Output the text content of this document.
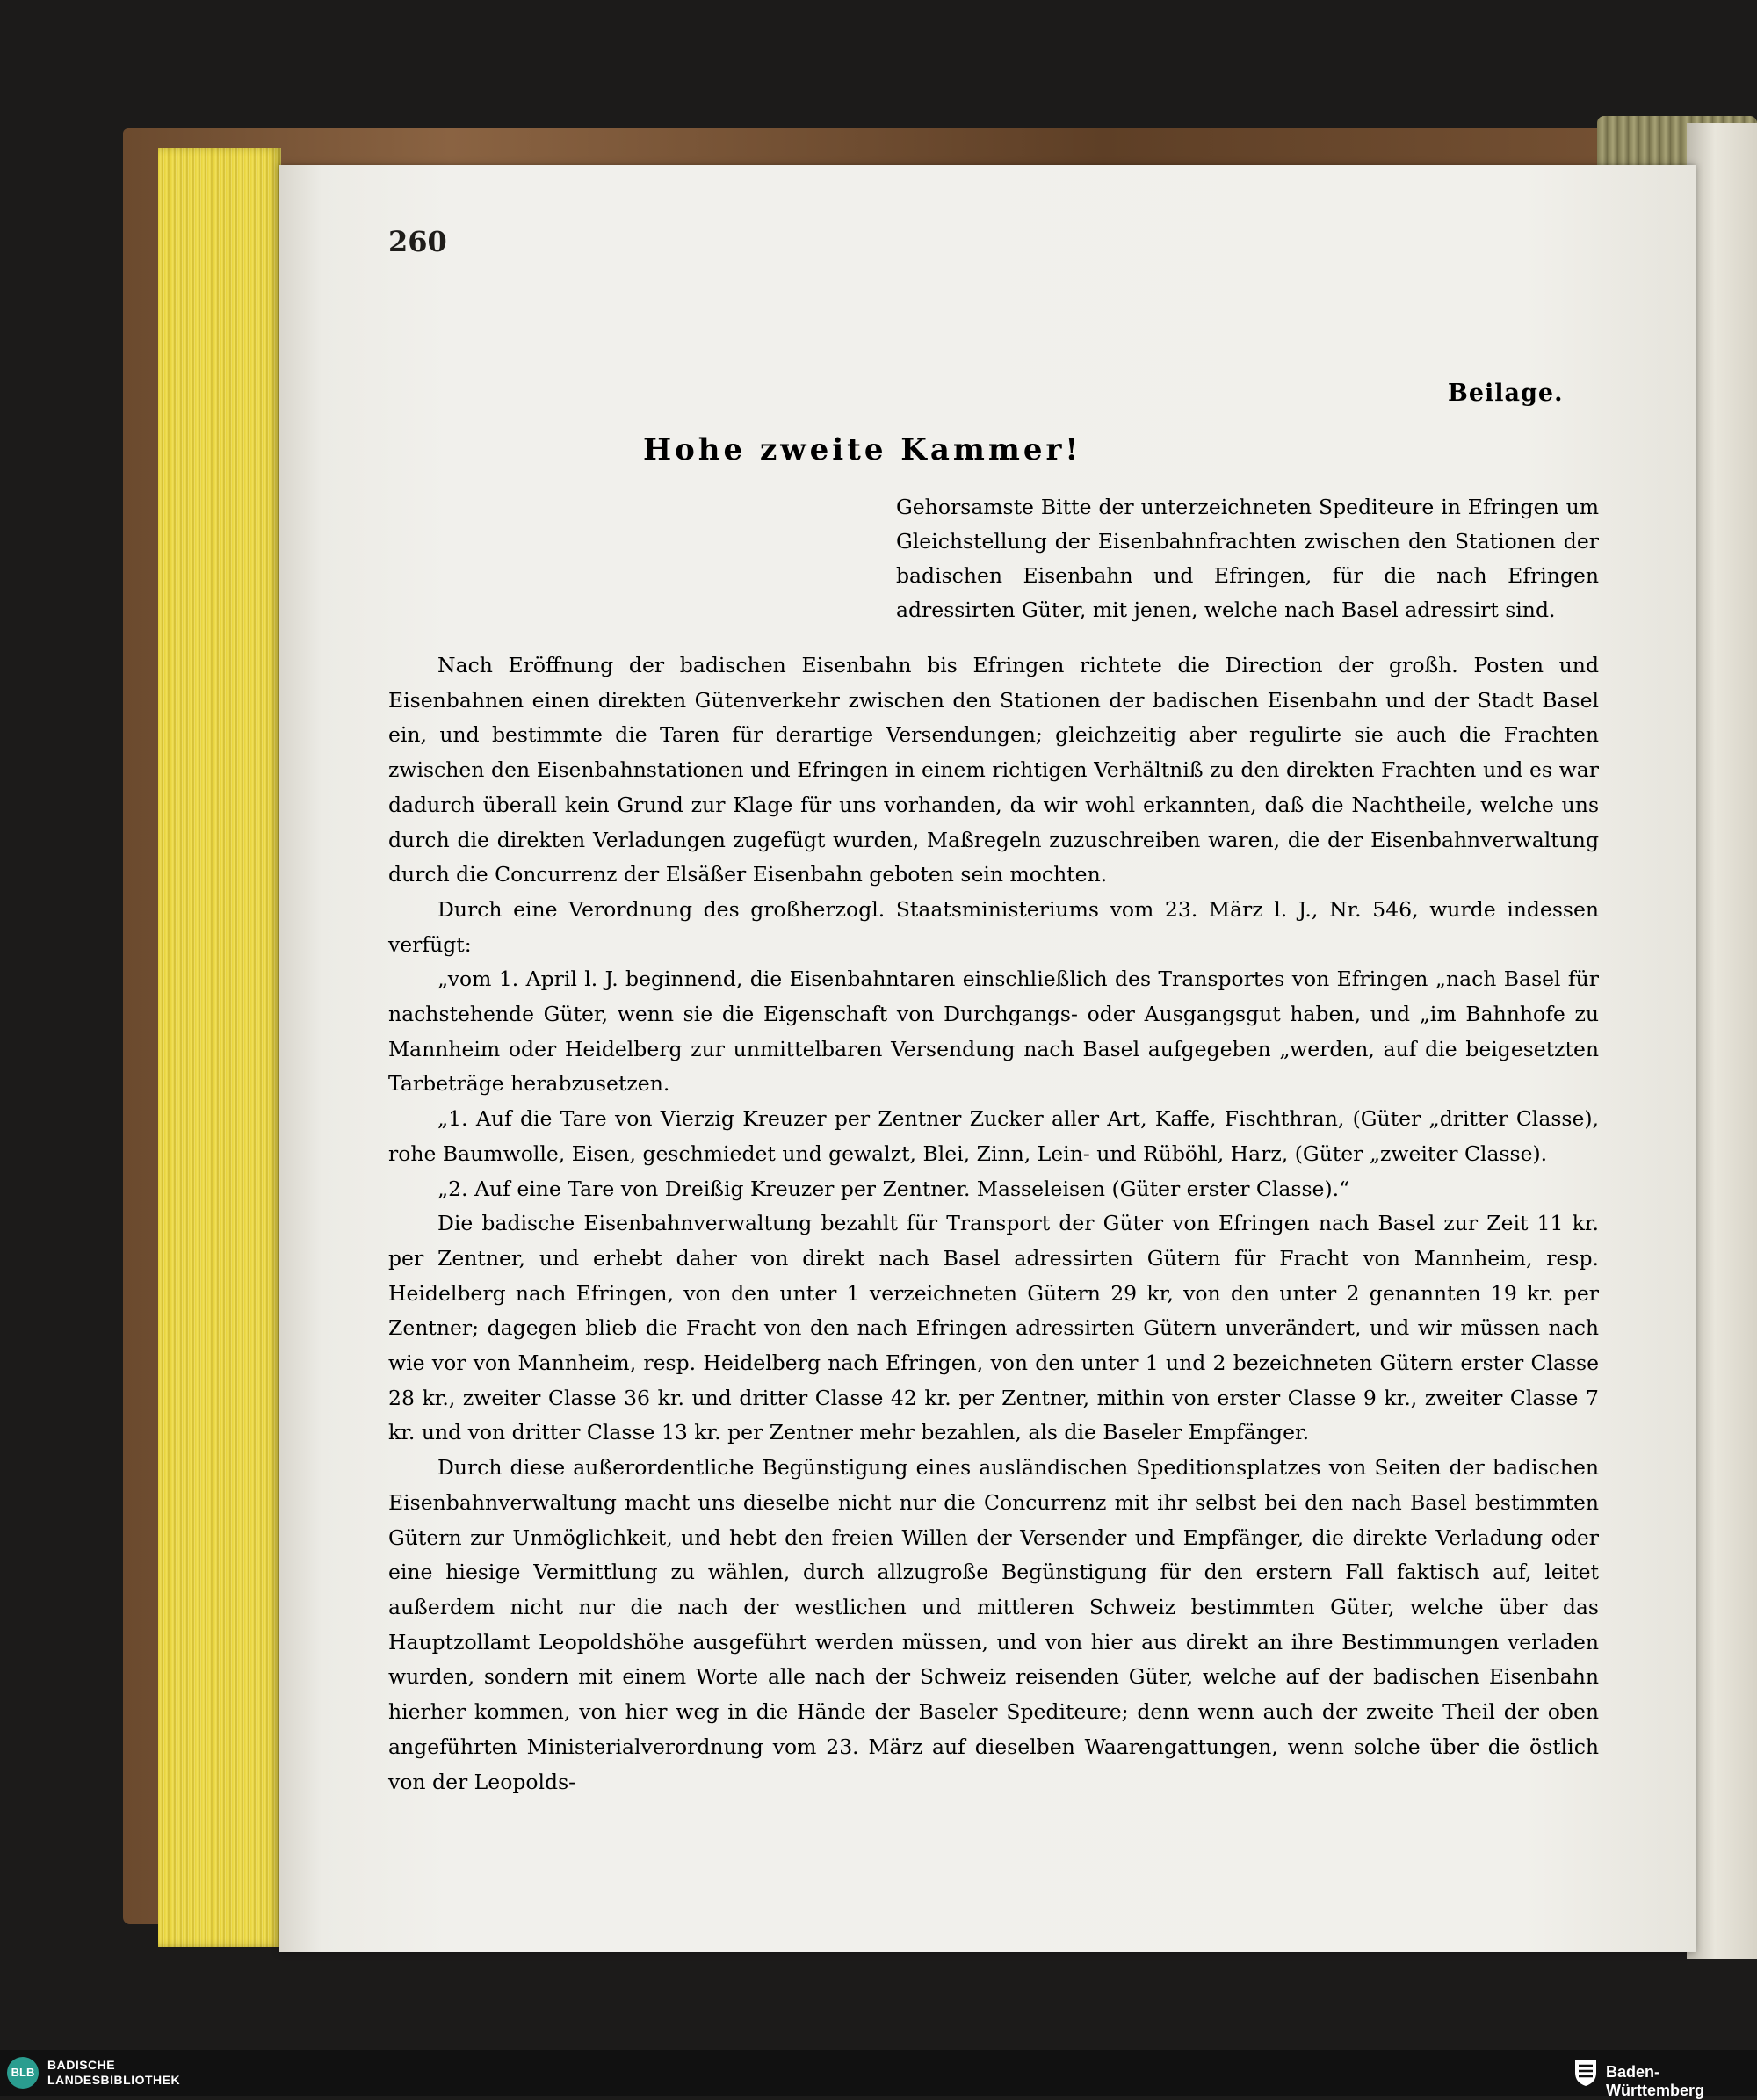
260
Beilage.
Hohe zweite Kammer!
Gehorsamste Bitte der unterzeichneten Spediteure in Efringen um Gleichstellung der Eisenbahnfrachten zwischen den Stationen der badischen Eisenbahn und Efringen, für die nach Efringen adressirten Güter, mit jenen, welche nach Basel adressirt sind.

Nach Eröffnung der badischen Eisenbahn bis Efringen richtete die Direction der großh. Posten und Eisenbahnen einen direkten Gütenverkehr zwischen den Stationen der badischen Eisenbahn und der Stadt Basel ein, und bestimmte die Taren für derartige Versendungen; gleichzeitig aber regulirte sie auch die Frachten zwischen den Eisenbahnstationen und Efringen in einem richtigen Verhältniß zu den direkten Frachten und es war dadurch überall kein Grund zur Klage für uns vorhanden, da wir wohl erkannten, daß die Nachtheile, welche uns durch die direkten Verladungen zugefügt wurden, Maßregeln zuzuschreiben waren, die der Eisenbahnverwaltung durch die Concurrenz der Elsäßer Eisenbahn geboten sein mochten.

Durch eine Verordnung des großherzogl. Staatsministeriums vom 23. März l. J., Nr. 546, wurde indessen verfügt:

„vom 1. April l. J. beginnend, die Eisenbahntaren einschließlich des Transportes von Efringen „nach Basel für nachstehende Güter, wenn sie die Eigenschaft von Durchgangs- oder Ausgangsgut haben, und „im Bahnhofe zu Mannheim oder Heidelberg zur unmittelbaren Versendung nach Basel aufgegeben „werden, auf die beigesetzten Tarbeträge herabzusetzen.

„1. Auf die Tare von Vierzig Kreuzer per Zentner Zucker aller Art, Kaffe, Fischthran, (Güter „dritter Classe), rohe Baumwolle, Eisen, geschmiedet und gewalzt, Blei, Zinn, Lein- und Rüböhl, Harz, (Güter „zweiter Classe).

„2. Auf eine Tare von Dreißig Kreuzer per Zentner. Masseleisen (Güter erster Classe).“

Die badische Eisenbahnverwaltung bezahlt für Transport der Güter von Efringen nach Basel zur Zeit 11 kr. per Zentner, und erhebt daher von direkt nach Basel adressirten Gütern für Fracht von Mannheim, resp. Heidelberg nach Efringen, von den unter 1 verzeichneten Gütern 29 kr, von den unter 2 genannten 19 kr. per Zentner; dagegen blieb die Fracht von den nach Efringen adressirten Gütern unverändert, und wir müssen nach wie vor von Mannheim, resp. Heidelberg nach Efringen, von den unter 1 und 2 bezeichneten Gütern erster Classe 28 kr., zweiter Classe 36 kr. und dritter Classe 42 kr. per Zentner, mithin von erster Classe 9 kr., zweiter Classe 7 kr. und von dritter Classe 13 kr. per Zentner mehr bezahlen, als die Baseler Empfänger.

Durch diese außerordentliche Begünstigung eines ausländischen Speditionsplatzes von Seiten der badischen Eisenbahnverwaltung macht uns dieselbe nicht nur die Concurrenz mit ihr selbst bei den nach Basel bestimmten Gütern zur Unmöglichkeit, und hebt den freien Willen der Versender und Empfänger, die direkte Verladung oder eine hiesige Vermittlung zu wählen, durch allzugroße Begünstigung für den erstern Fall faktisch auf, leitet außerdem nicht nur die nach der westlichen und mittleren Schweiz bestimmten Güter, welche über das Hauptzollamt Leopoldshöhe ausgeführt werden müssen, und von hier aus direkt an ihre Bestimmungen verladen wurden, sondern mit einem Worte alle nach der Schweiz reisenden Güter, welche auf der badischen Eisenbahn hierher kommen, von hier weg in die Hände der Baseler Spediteure; denn wenn auch der zweite Theil der oben angeführten Ministerialverordnung vom 23. März auf dieselben Waarengattungen, wenn solche über die östlich von der Leopolds-

BLB
BADISCHE
LANDESBIBLIOTHEK	Baden-Württemberg
